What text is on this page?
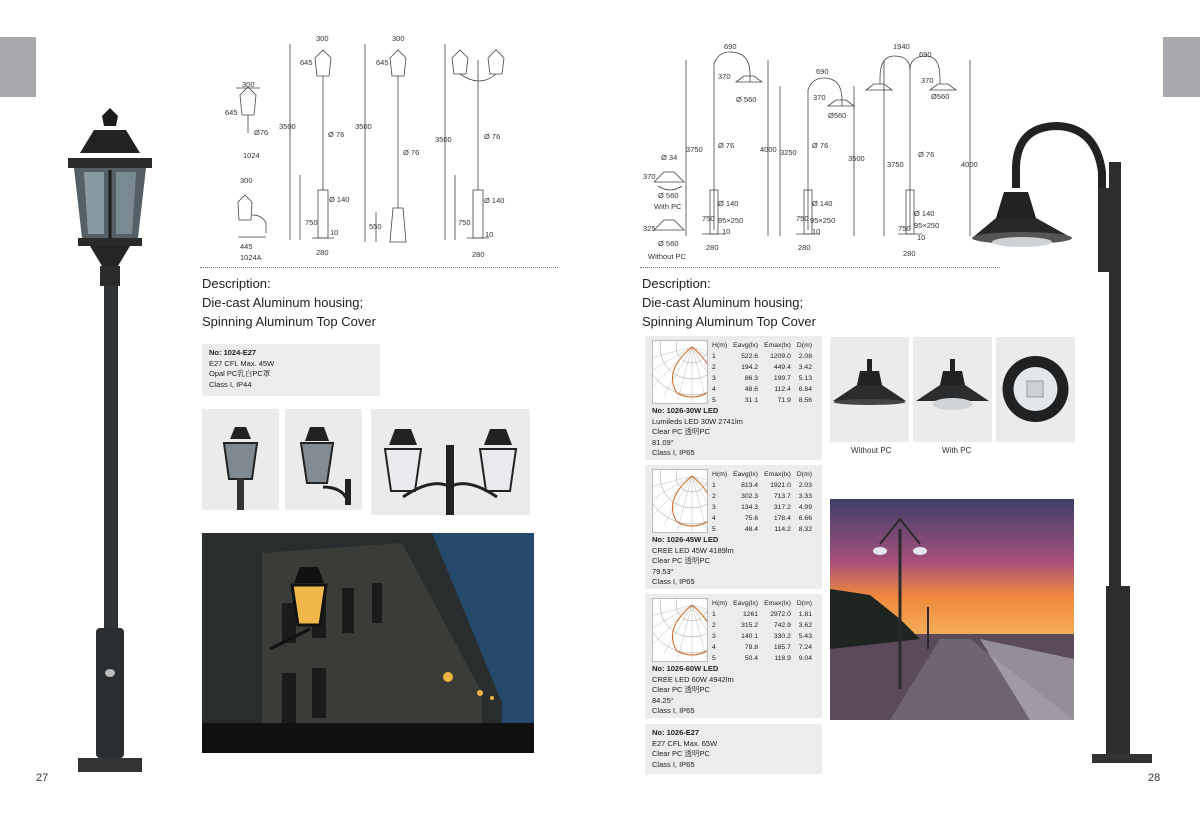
27
300
645
Ø76
1024
300
445
1024A
300
645
3500
Ø 76
Ø 140
750
10
280
300
645
3500
Ø 76
550
3500	Ø 76
Ø 140
750
10
280
Description:
Die-cast Aluminum housing;
Spinning Aluminum Top Cover
No: 1024-E27
E27 CFL Max. 45W
Opal PC乳白PC罩
Class I, IP44
28
Ø 34
370
Ø 560
With PC
325
Ø 560
Without PC
690
370
Ø 560
3750	4000
Ø 76
Ø 140
750 95×250
10
280
690
370
Ø560
3250
3500
Ø 76
Ø 140
750 95×250
10
280
1940
690
370
Ø560
3750	4000
Ø 76
Ø 140
750 95×250
10
280
Description:
Die-cast Aluminum housing;
Spinning Aluminum Top Cover
H(m)	Eavg(lx)	Emax(lx)	D(m)
1	522.6	1209.0	2.08
2	194.2	449.4	3.42
3	86.3	199.7	5.13
4	48.6	112.4	6.84
5	31.1	71.9	8.56
No: 1026-30W LED
Lumileds LED 30W 2741lm
Clear PC 透明PC
81.09°
Class I, IP65
H(m)	Eavg(lx)	Emax(lx)	D(m)
1	813.4	1921.0	2.03
2	302.3	713.7	3.33
3	134.3	317.2	4.99
4	75.6	178.4	6.66
5	48.4	114.2	8.32
No: 1026-45W LED
CREE LED 45W 4189lm
Clear PC 透明PC
79.53°
Class I, IP65
H(m)	Eavg(lx)	Emax(lx)	D(m)
1	1261	2972.0	1.81
2	315.2	742.9	3.62
3	140.1	330.2	5.43
4	78.8	185.7	7.24
5	50.4	118.9	9.04
No: 1026-60W LED
CREE LED 60W 4942lm
Clear PC 透明PC
84.25°
Class I, IP65
No: 1026-E27
E27 CFL Max. 65W
Clear PC 透明PC
Class I, IP65
Without PC	With PC
